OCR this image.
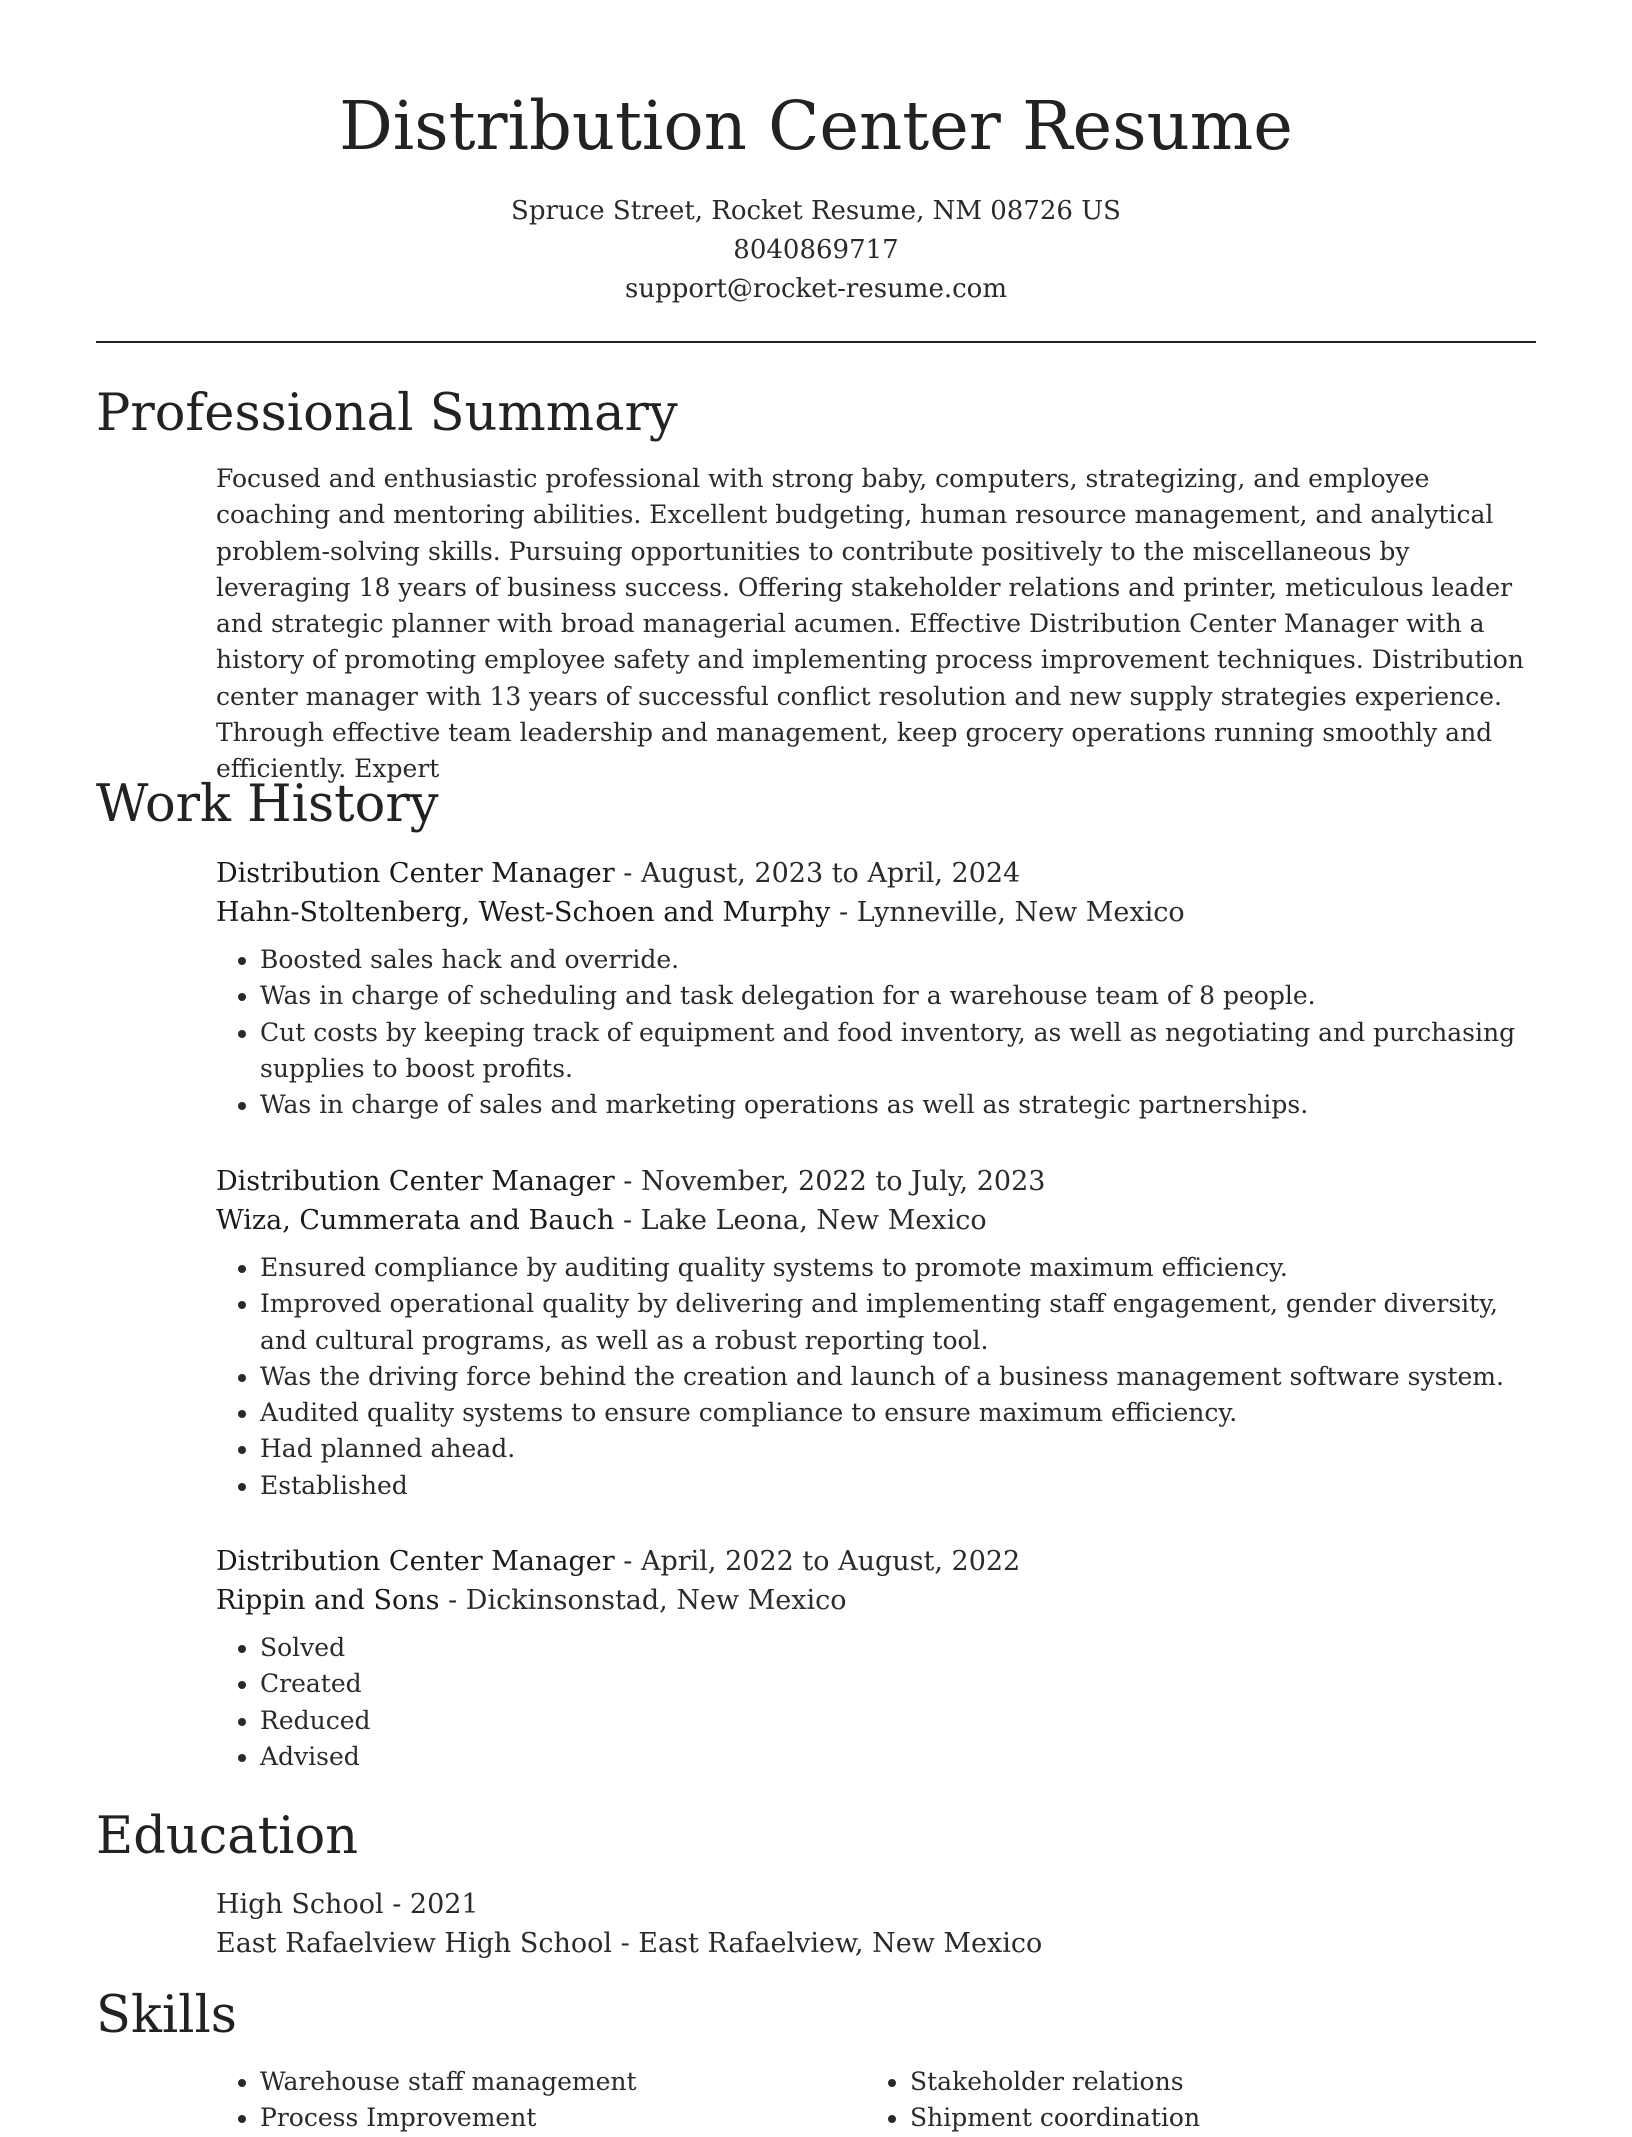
Distribution Center Resume
Spruce Street, Rocket Resume, NM 08726 US
8040869717
support@rocket-resume.com
Professional Summary
Focused and enthusiastic professional with strong baby, computers, strategizing, and employee coaching and mentoring abilities. Excellent budgeting, human resource management, and analytical problem-solving skills. Pursuing opportunities to contribute positively to the miscellaneous by leveraging 18 years of business success. Offering stakeholder relations and printer, meticulous leader and strategic planner with broad managerial acumen. Effective Distribution Center Manager with a history of promoting employee safety and implementing process improvement techniques. Distribution center manager with 13 years of successful conflict resolution and new supply strategies experience. Through effective team leadership and management, keep grocery operations running smoothly and efficiently. Expert
Work History
Distribution Center Manager - August, 2023 to April, 2024
Hahn-Stoltenberg, West-Schoen and Murphy - Lynneville, New Mexico
• Boosted sales hack and override.
• Was in charge of scheduling and task delegation for a warehouse team of 8 people.
• Cut costs by keeping track of equipment and food inventory, as well as negotiating and purchasing supplies to boost profits.
• Was in charge of sales and marketing operations as well as strategic partnerships.
Distribution Center Manager - November, 2022 to July, 2023
Wiza, Cummerata and Bauch - Lake Leona, New Mexico
• Ensured compliance by auditing quality systems to promote maximum efficiency.
• Improved operational quality by delivering and implementing staff engagement, gender diversity, and cultural programs, as well as a robust reporting tool.
• Was the driving force behind the creation and launch of a business management software system.
• Audited quality systems to ensure compliance to ensure maximum efficiency.
• Had planned ahead.
• Established
Distribution Center Manager - April, 2022 to August, 2022
Rippin and Sons - Dickinsonstad, New Mexico
• Solved
• Created
• Reduced
• Advised
Education
High School - 2021
East Rafaelview High School - East Rafaelview, New Mexico
Skills
• Warehouse staff management
• Process Improvement
• Stakeholder relations
• Shipment coordination
